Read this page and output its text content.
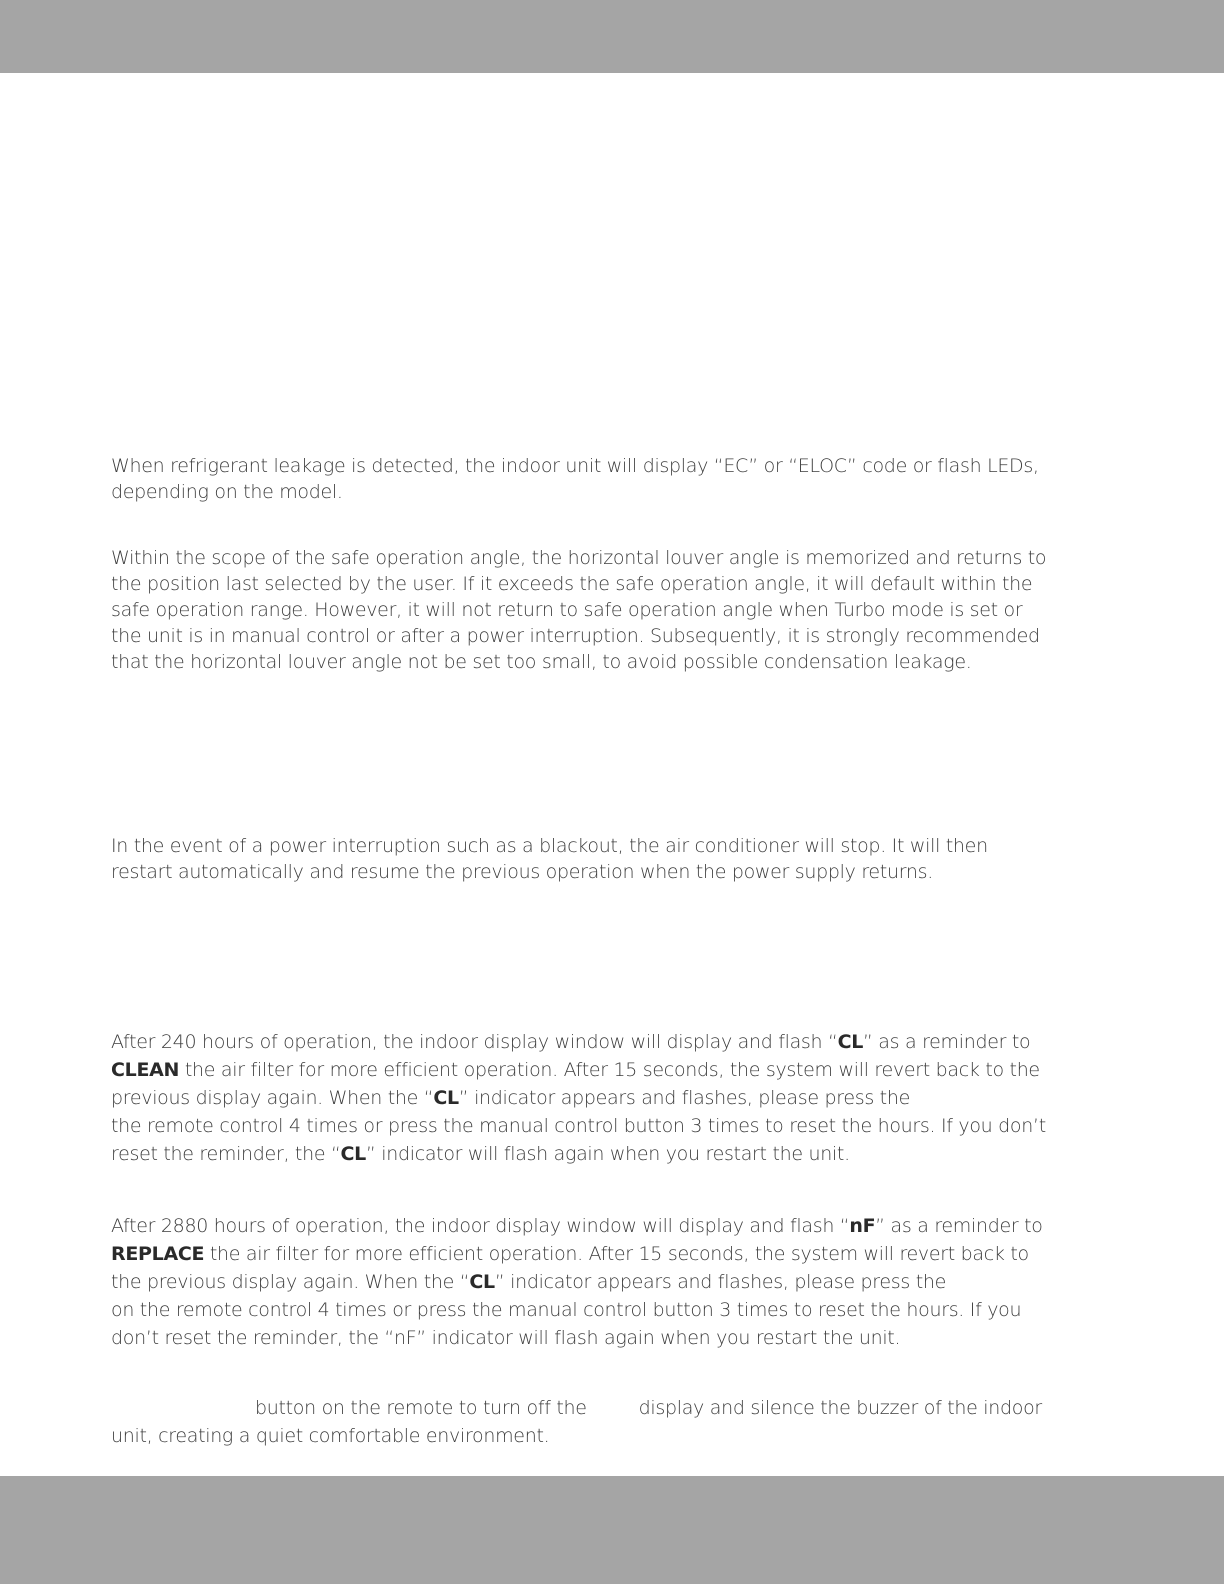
When refrigerant leakage is detected, the indoor unit will display “EC” or “ELOC” code or flash LEDs,
depending on the model.

Within the scope of the safe operation angle, the horizontal louver angle is memorized and returns to
the position last selected by the user. If it exceeds the safe operation angle, it will default within the
safe operation range. However, it will not return to safe operation angle when Turbo mode is set or
the unit is in manual control or after a power interruption. Subsequently, it is strongly recommended
that the horizontal louver angle not be set too small, to avoid possible condensation leakage.

In the event of a power interruption such as a blackout, the air conditioner will stop. It will then
restart automatically and resume the previous operation when the power supply returns.

After 240 hours of operation, the indoor display window will display and flash “CL” as a reminder to
CLEAN the air filter for more efficient operation. After 15 seconds, the system will revert back to the
previous display again. When the “CL” indicator appears and flashes, please press the
the remote control 4 times or press the manual control button 3 times to reset the hours. If you don’t
reset the reminder, the “CL” indicator will flash again when you restart the unit.

After 2880 hours of operation, the indoor display window will display and flash “nF” as a reminder to
REPLACE the air filter for more efficient operation. After 15 seconds, the system will revert back to
the previous display again. When the “CL” indicator appears and flashes, please press the
on the remote control 4 times or press the manual control button 3 times to reset the hours. If you
don’t reset the reminder, the “nF” indicator will flash again when you restart the unit.

button on the remote to turn off the	display and silence the buzzer of the indoor
unit, creating a quiet comfortable environment.
